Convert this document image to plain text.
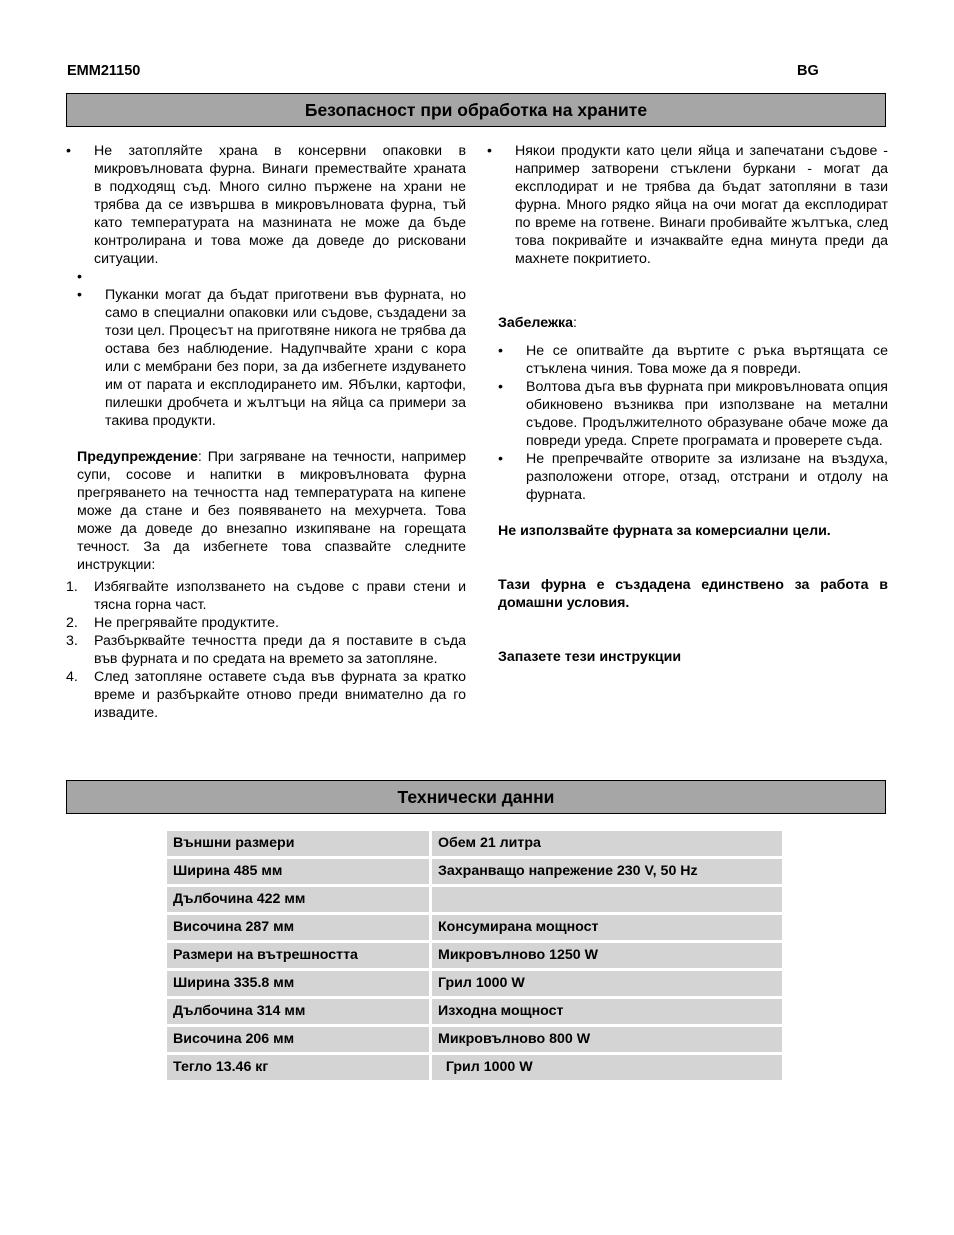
EMM21150	BG
Безопасност при обработка на храните
• Не затопляйте храна в консервни опаковки в микровълновата фурна. Винаги премествайте храната в подходящ съд. Много силно пържене на храни не трябва да се извършва в микровълновата фурна, тъй като температурата на мазнината не може да бъде контролирана и това може да доведе до рисковани ситуации.
•

• Пуканки могат да бъдат приготвени във фурната, но само в специални опаковки или съдове, създадени за този цел. Процесът на приготвяне никога не трябва да остава без наблюдение. Надупчвайте храни с кора или с мембрани без пори, за да избегнете издуването им от парата и експлодирането им. Ябълки, картофи, пилешки дробчета и жълтъци на яйца са примери за такива продукти.

Предупреждение: При загряване на течности, например супи, сосове и напитки в микровълновата фурна прегряването на течността над температурата на кипене може да стане и без появяването на мехурчета. Това може да доведе до внезапно изкипяване на горещата течност. За да избегнете това спазвайте следните инструкции:

1. Избягвайте използването на съдове с прави стени и тясна горна част.
2. Не прегрявайте продуктите.
3. Разбърквайте течността преди да я поставите в съда във фурната и по средата на времето за затопляне.
4. След затопляне оставете съда във фурната за кратко време и разбъркайте отново преди внимателно да го извадите.
• Някои продукти като цели яйца и запечатани съдове - например затворени стъклени буркани - могат да експлодират и не трябва да бъдат затопляни в тази фурна. Много рядко яйца на очи могат да експлодират по време на готвене. Винаги пробивайте жълтъка, след това покривайте и изчаквайте една минута преди да махнете покритието.

Забележка:

• Не се опитвайте да въртите с ръка въртящата се стъклена чиния. Това може да я повреди.
• Волтова дъга във фурната при микровълновата опция обикновено възниква при използване на метални съдове. Продължителното образуване обаче може да повреди уреда. Спрете програмата и проверете съда.
• Не препречвайте отворите за излизане на въздуха, разположени отгоре, отзад, отстрани и отдолу на фурната.

Не използвайте фурната за комерсиални цели.

Тази фурна е създадена единствено за работа в домашни условия.

Запазете тези инструкции

Технически данни
Външни размери	Обем 21 литра
Ширина 485 мм	Захранващо напрежение 230 V, 50 Hz
Дълбочина 422 мм	
Височина 287 мм	Консумирана мощност
Размери на вътрешността	Микровълново 1250 W
Ширина 335.8 мм	Грил 1000 W
Дълбочина 314 мм	Изходна мощност
Височина 206 мм	Микровълново 800 W
Тегло 13.46 кг	Грил 1000 W
